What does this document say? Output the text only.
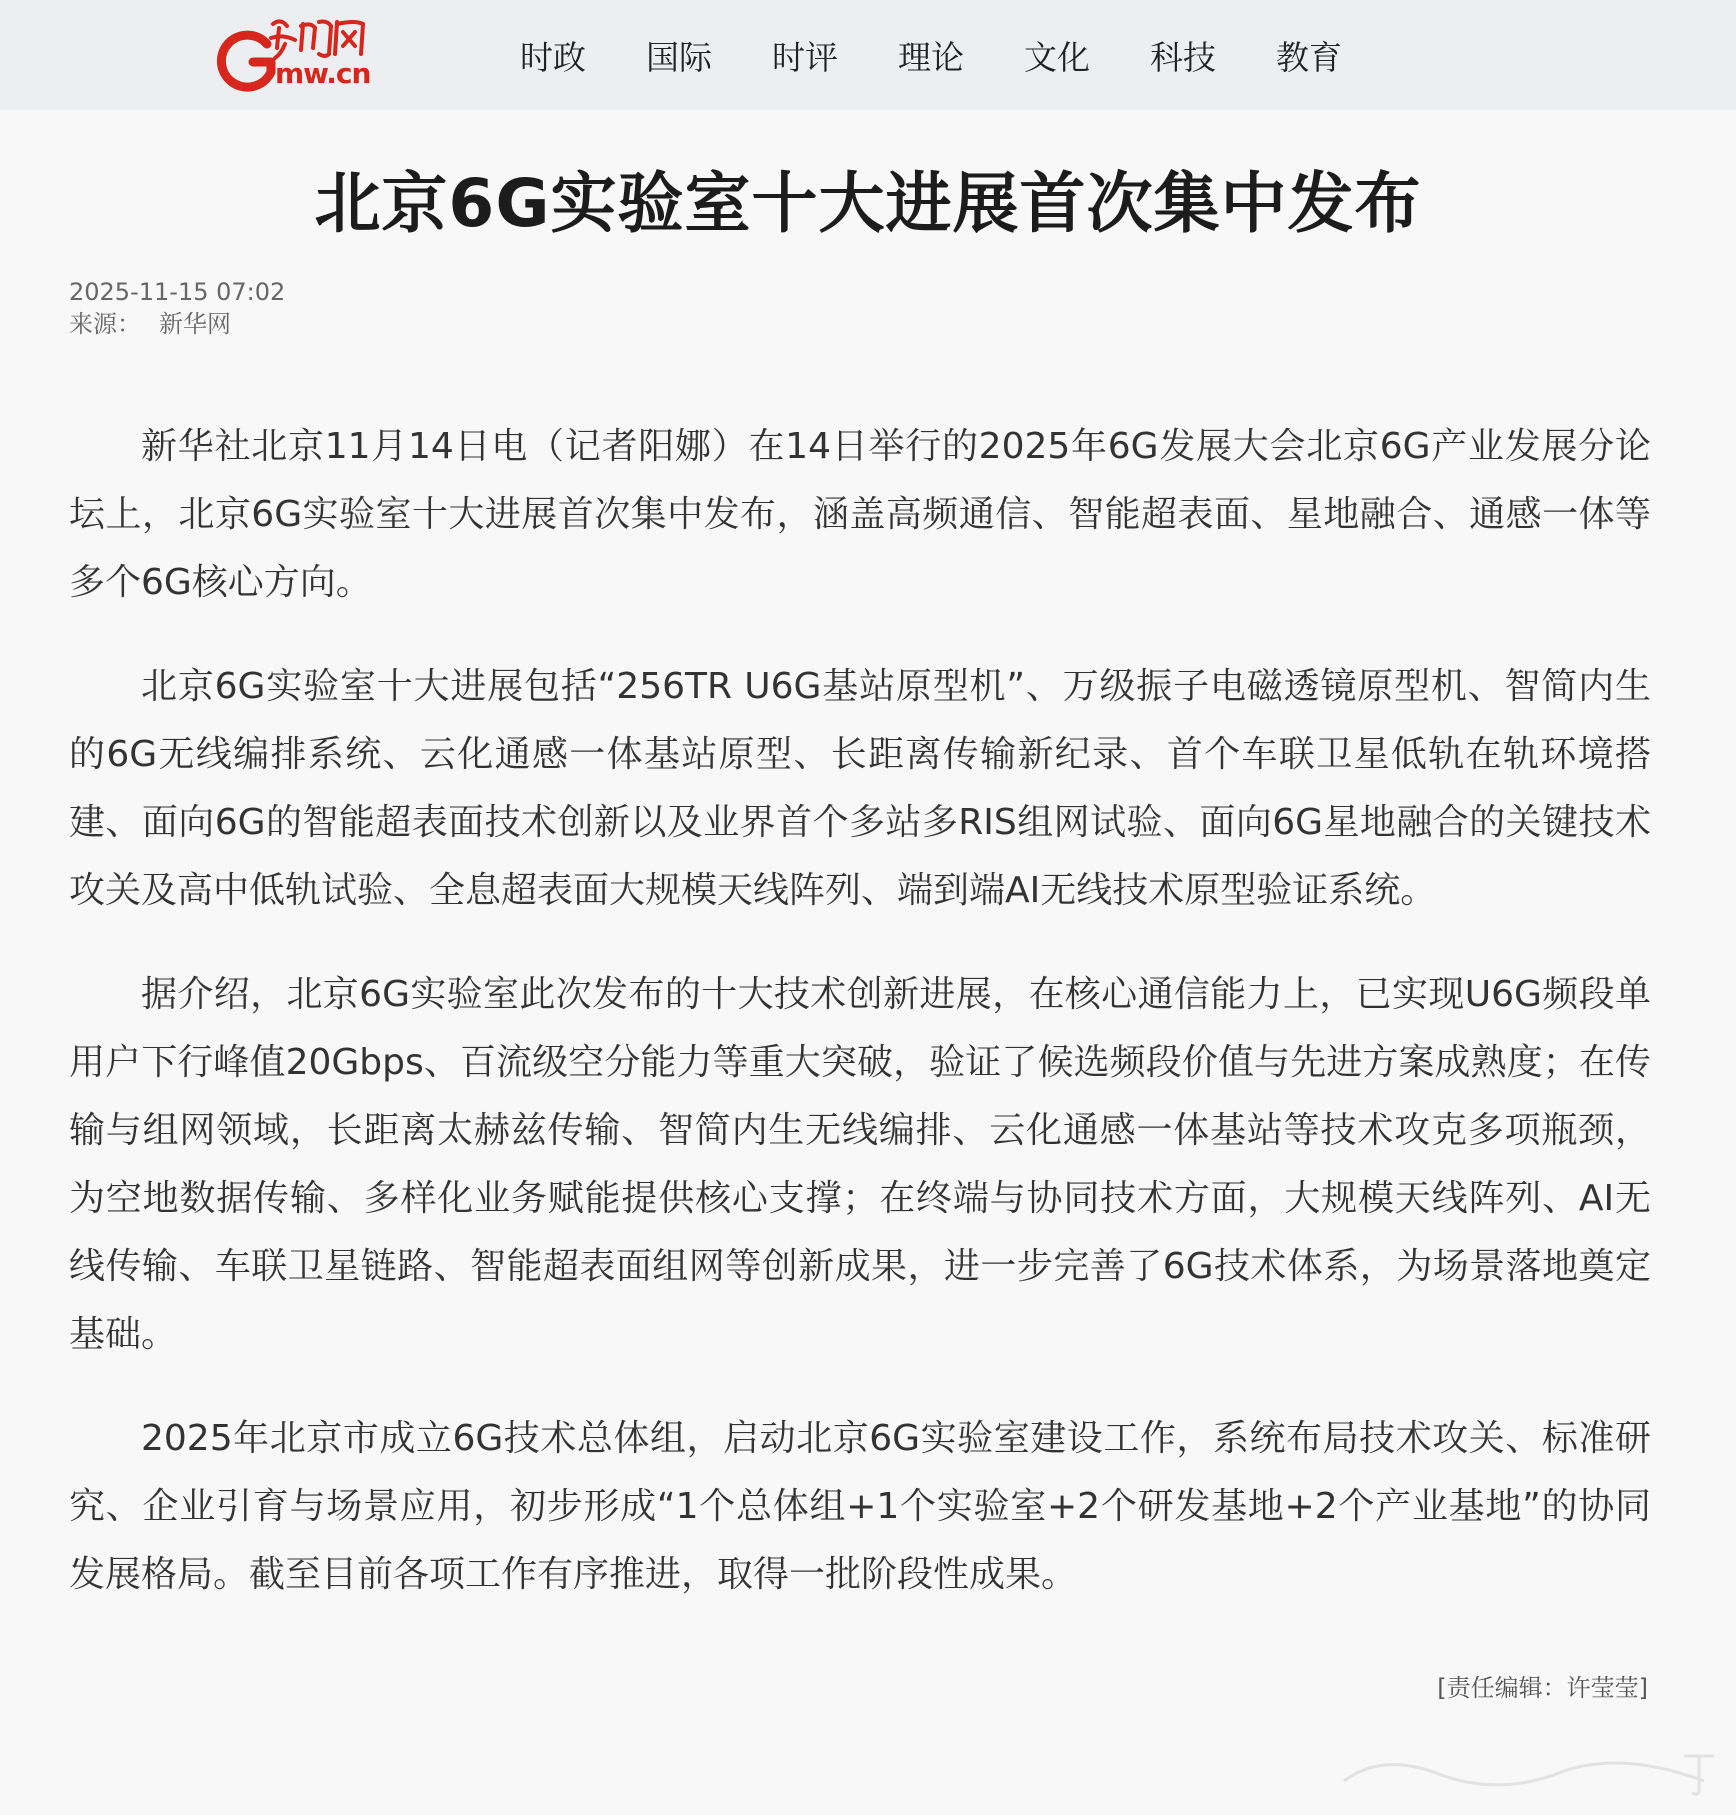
mw.cn	时政 国际 时评 理论 文化 科技 教育
北京6G实验室十大进展首次集中发布
2025-11-15 07:02
来源： 新华网

新华社北京11月14日电（记者阳娜）在14日举行的2025年6G发展大会北京6G产业发展分论坛上，北京6G实验室十大进展首次集中发布，涵盖高频通信、智能超表面、星地融合、通感一体等多个6G核心方向。

北京6G实验室十大进展包括“256TR U6G基站原型机”、万级振子电磁透镜原型机、智简内生的6G无线编排系统、云化通感一体基站原型、长距离传输新纪录、首个车联卫星低轨在轨环境搭建、面向6G的智能超表面技术创新以及业界首个多站多RIS组网试验、面向6G星地融合的关键技术攻关及高中低轨试验、全息超表面大规模天线阵列、端到端AI无线技术原型验证系统。

据介绍，北京6G实验室此次发布的十大技术创新进展，在核心通信能力上，已实现U6G频段单用户下行峰值20Gbps、百流级空分能力等重大突破，验证了候选频段价值与先进方案成熟度；在传输与组网领域，长距离太赫兹传输、智简内生无线编排、云化通感一体基站等技术攻克多项瓶颈，为空地数据传输、多样化业务赋能提供核心支撑；在终端与协同技术方面，大规模天线阵列、AI无线传输、车联卫星链路、智能超表面组网等创新成果，进一步完善了6G技术体系，为场景落地奠定基础。

2025年北京市成立6G技术总体组，启动北京6G实验室建设工作，系统布局技术攻关、标准研究、企业引育与场景应用，初步形成“1个总体组+1个实验室+2个研发基地+2个产业基地”的协同发展格局。截至目前各项工作有序推进，取得一批阶段性成果。

[责任编辑：许莹莹]
